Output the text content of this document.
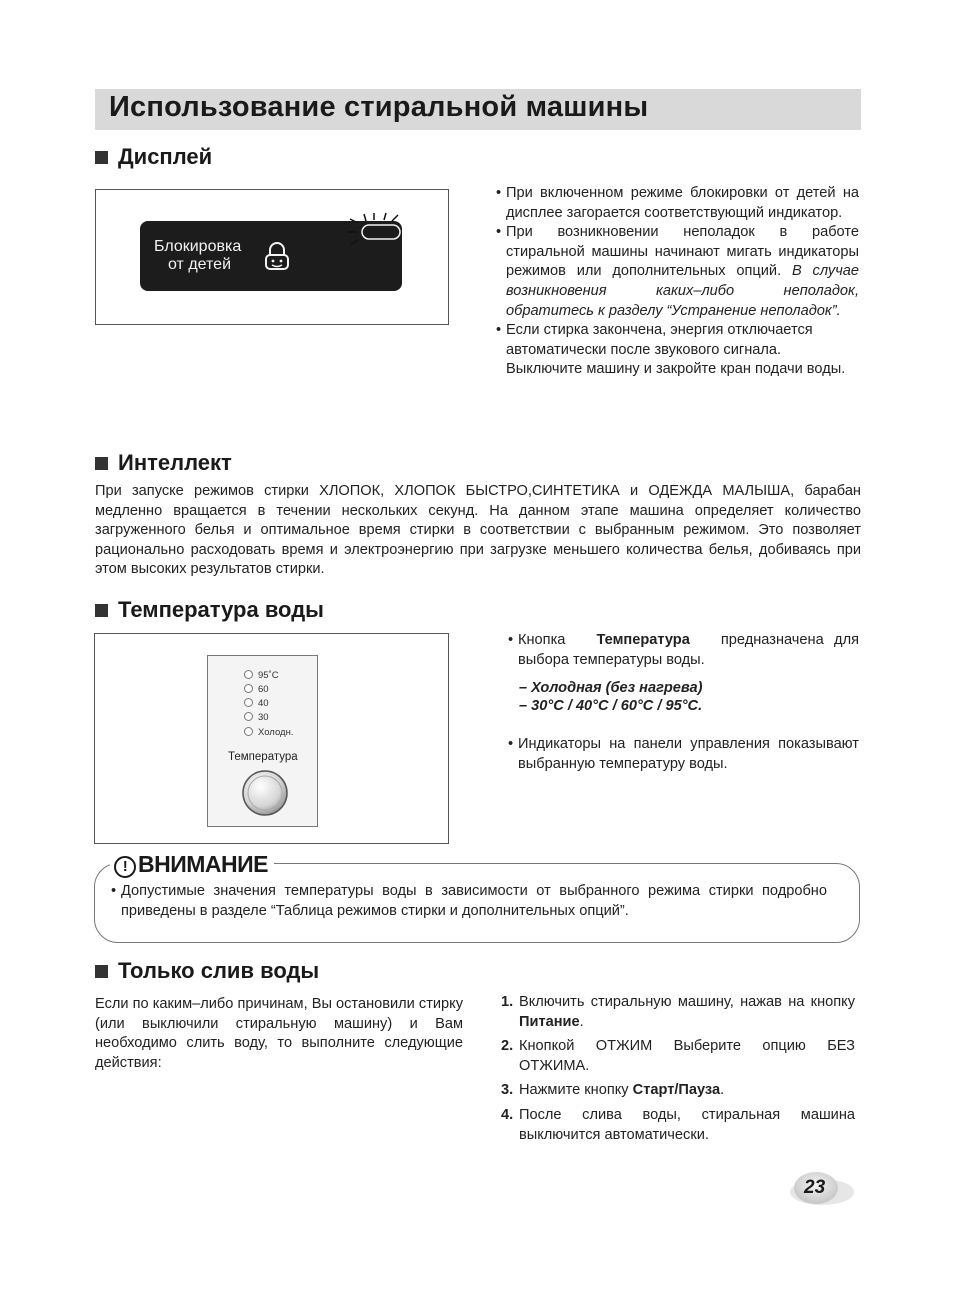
Использование стиральной машины
Дисплей
Блокировка
от детей
• При включенном режиме блокировки от детей на дисплее загорается соответствующий индикатор.
• При возникновении неполадок в работе стиральной машины начинают мигать индикаторы режимов или дополнительных опций. В случае возникновения каких–либо неполадок, обратитесь к разделу “Устранение неполадок”.
• Если стирка закончена, энергия отключается автоматически после звукового сигнала. Выключите машину и закройте кран подачи воды.
Интеллект
При запуске режимов стирки ХЛОПОК, ХЛОПОК БЫСТРО,СИНТЕТИКА и ОДЕЖДА МАЛЫША, барабан медленно вращается в течении нескольких секунд. На данном этапе машина определяет количество загруженного белья и оптимальное время стирки в соответствии с выбранным режимом. Это позволяет рационально расходовать время и электроэнергию при загрузке меньшего количества белья, добиваясь при этом высоких результатов стирки.
Температура воды
95˚C
60
40
30
Холодн.
Температура
• Кнопка Температура предназначена для выбора температуры воды.
– Холодная (без нагрева)
– 30°C / 40°C / 60°C / 95°C.
• Индикаторы на панели управления показывают выбранную температуру воды.
! ВНИМАНИЕ
• Допустимые значения температуры воды в зависимости от выбранного режима стирки подробно приведены в разделе “Таблица режимов стирки и дополнительных опций”.
Только слив воды
Если по каким–либо причинам, Вы остановили стирку (или выключили стиральную машину) и Вам необходимо слить воду, то выполните следующие действия:
1. Включить стиральную машину, нажав на кнопку Питание.
2. Кнопкой ОТЖИМ Выберите опцию БЕЗ ОТЖИМА.
3. Нажмите кнопку Старт/Пауза.
4. После слива воды, стиральная машина выключится автоматически.
23
